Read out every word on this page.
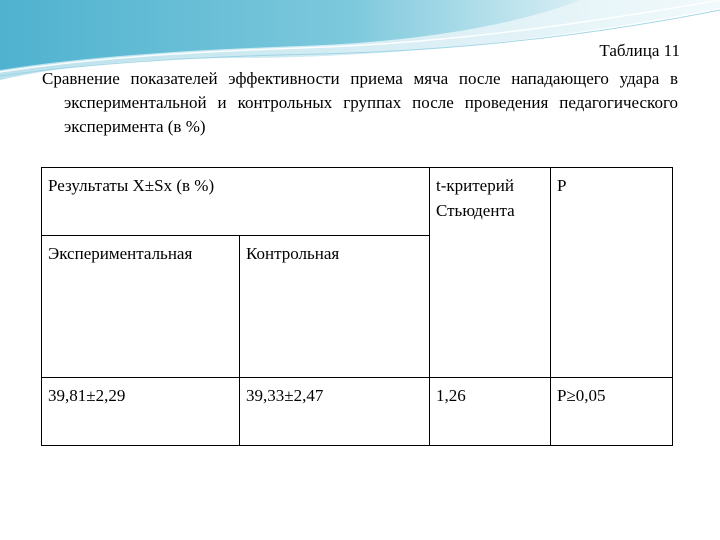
Таблица 11
Сравнение показателей эффективности приема мяча после нападающего удара в экспериментальной и контрольных группах после проведения педагогического эксперимента (в %)
Результаты Х±Sх (в %)		t-критерий Стьюдента	Р
Экспериментальная	Контрольная		
39,81±2,29	39,33±2,47	1,26	Р≥0,05
